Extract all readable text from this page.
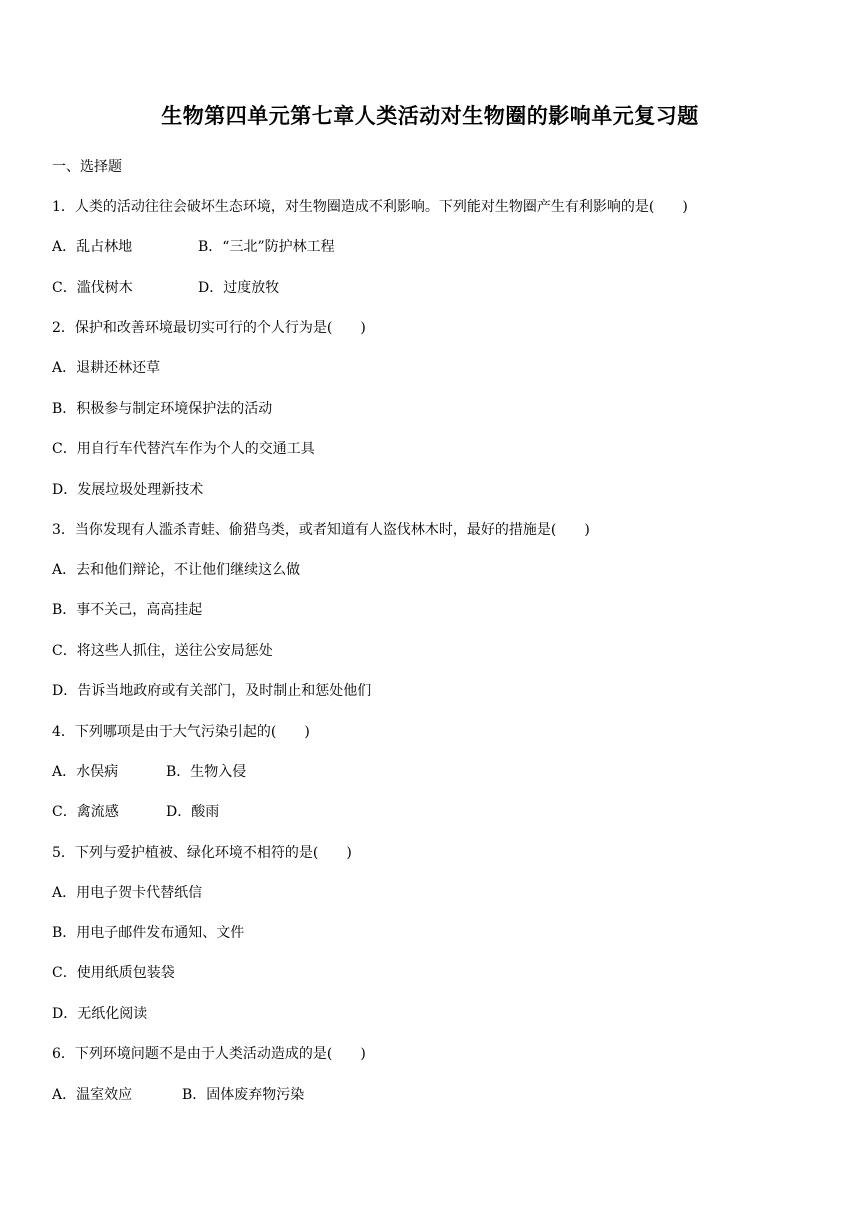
生物第四单元第七章人类活动对生物圈的影响单元复习题
一、选择题
1．人类的活动往往会破坏生态环境，对生物圈造成不利影响。下列能对生物圈产生有利影响的是(　　)
A．乱占林地	B．“三北”防护林工程
C．滥伐树木	D．过度放牧
2．保护和改善环境最切实可行的个人行为是(　　)
A．退耕还林还草
B．积极参与制定环境保护法的活动
C．用自行车代替汽车作为个人的交通工具
D．发展垃圾处理新技术
3．当你发现有人滥杀青蛙、偷猎鸟类，或者知道有人盗伐林木时，最好的措施是(　　)
A．去和他们辩论，不让他们继续这么做
B．事不关己，高高挂起
C．将这些人抓住，送往公安局惩处
D．告诉当地政府或有关部门，及时制止和惩处他们
4．下列哪项是由于大气污染引起的(　　)
A．水俣病	B．生物入侵
C．禽流感	D．酸雨
5．下列与爱护植被、绿化环境不相符的是(　　)
A．用电子贺卡代替纸信
B．用电子邮件发布通知、文件
C．使用纸质包装袋
D．无纸化阅读
6．下列环境问题不是由于人类活动造成的是(　　)
A．温室效应	B．固体废弃物污染
